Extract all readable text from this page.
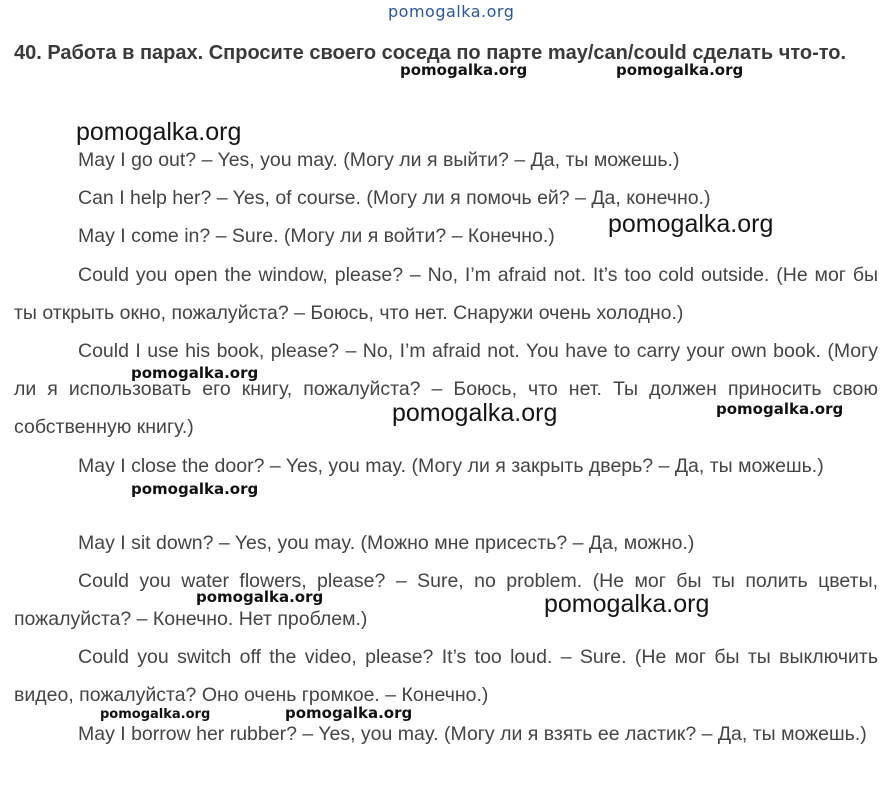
pomogalka.org
40. Работа в парах. Спросите своего соседа по парте may/can/could сделать что-то.
May I go out? – Yes, you may. (Могу ли я выйти? – Да, ты можешь.)
Can I help her? – Yes, of course. (Могу ли я помочь ей? – Да, конечно.)
May I come in? – Sure. (Могу ли я войти? – Конечно.)
Could you open the window, please? – No, I’m afraid not. It’s too cold outside. (Не мог бы ты открыть окно, пожалуйста? – Боюсь, что нет. Снаружи очень холодно.)
Could I use his book, please? – No, I’m afraid not. You have to carry your own book. (Могу ли я использовать его книгу, пожалуйста? – Боюсь, что нет. Ты должен приносить свою собственную книгу.)
May I close the door? – Yes, you may. (Могу ли я закрыть дверь? – Да, ты можешь.)
May I sit down? – Yes, you may. (Можно мне присесть? – Да, можно.)
Could you water flowers, please? – Sure, no problem. (Не мог бы ты полить цветы, пожалуйста? – Конечно. Нет проблем.)
Could you switch off the video, please? It’s too loud. – Sure. (Не мог бы ты выключить видео, пожалуйста? Оно очень громкое. – Конечно.)
May I borrow her rubber? – Yes, you may. (Могу ли я взять ее ластик? – Да, ты можешь.)
pomogalka.org	pomogalka.org
pomogalka.org
pomogalka.org
pomogalka.org
pomogalka.org	pomogalka.org
pomogalka.org
pomogalka.org	pomogalka.org
pomogalka.org	pomogalka.org
